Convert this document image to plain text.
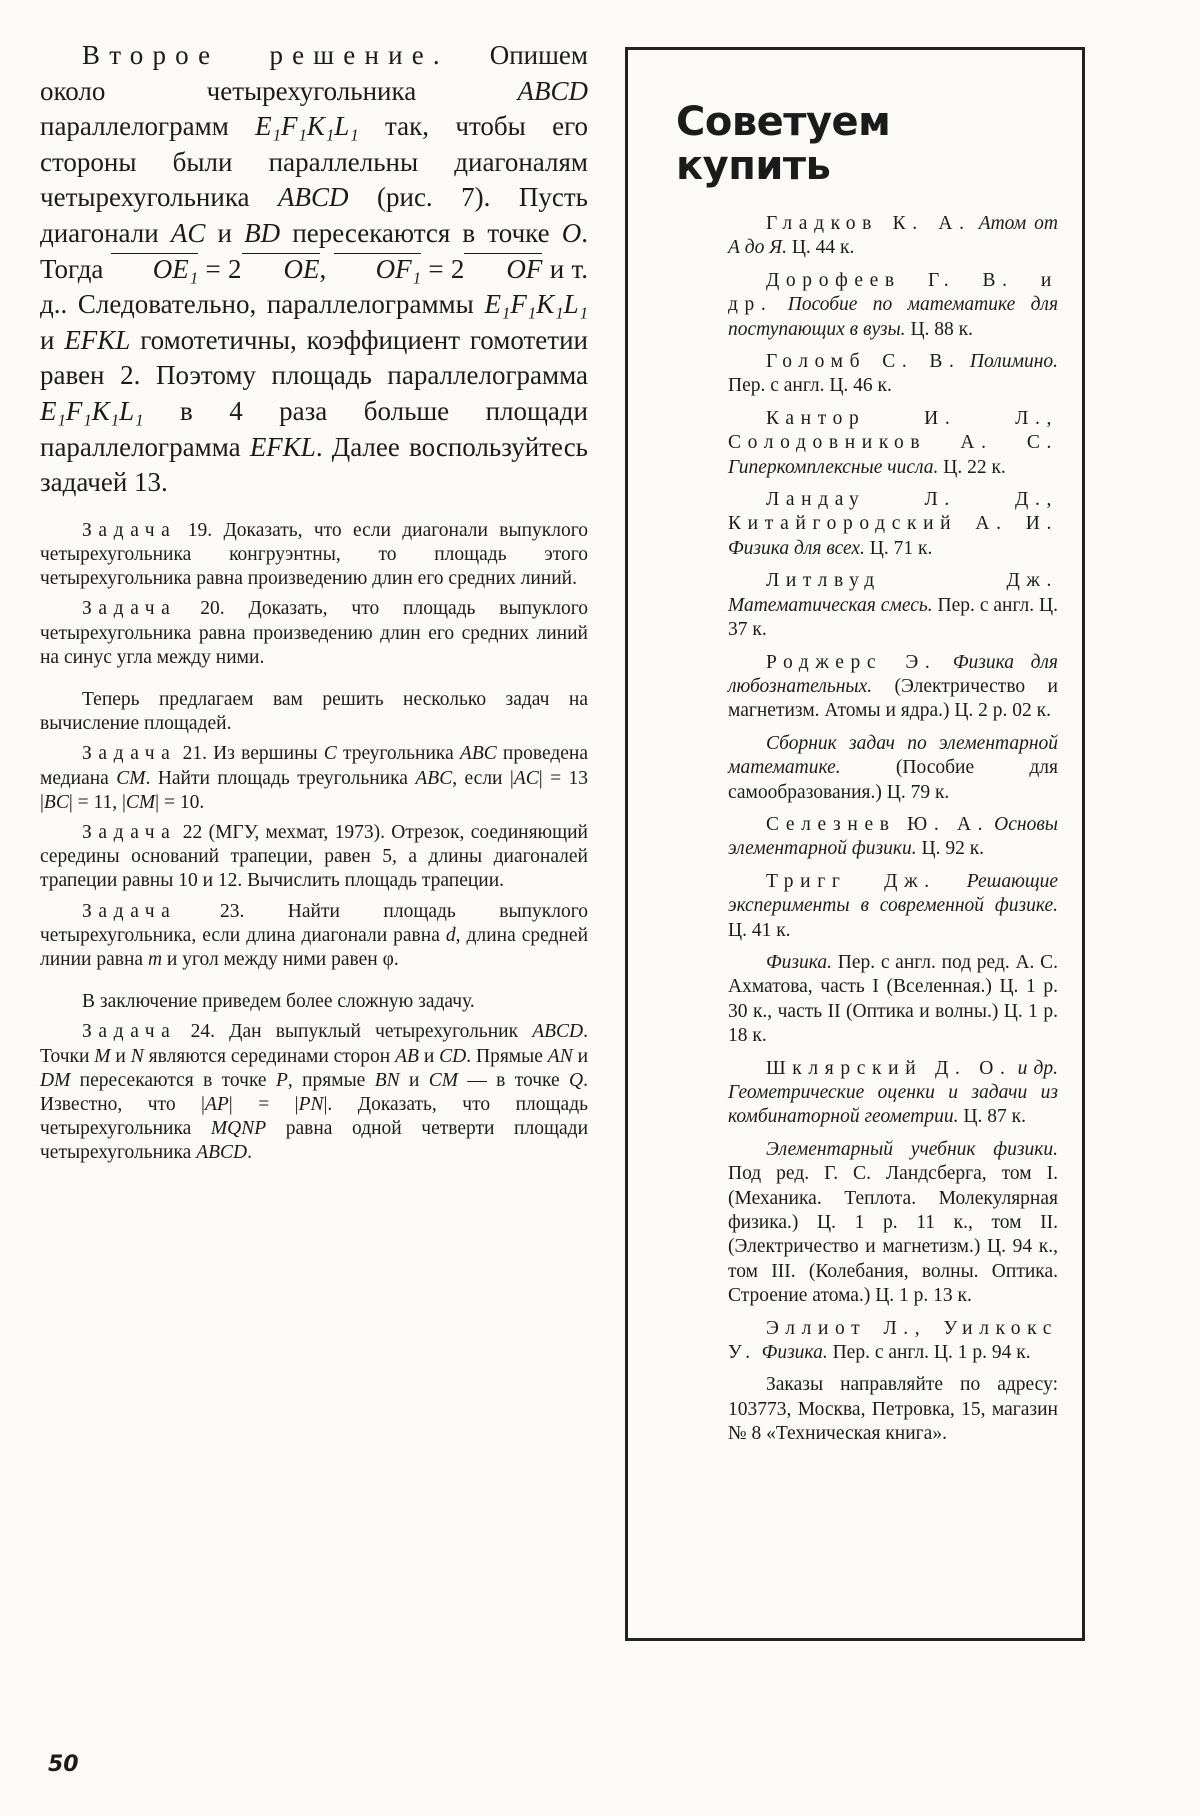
Второе решение. Опишем около четырехугольника ABCD параллелограмм E₁F₁K₁L₁ так, чтобы его стороны были параллельны диагоналям четырехугольника ABCD (рис. 7). Пусть диагонали AC и BD пересекаются в точке O. Тогда OE₁ = 2 OE, OF₁ = 2 OF и т. д.. Следовательно, параллелограммы E₁F₁K₁L₁ и EFKL гомотетичны, коэффициент гомотетии равен 2. Поэтому площадь параллелограмма E₁F₁K₁L₁ в 4 раза больше площади параллелограмма EFKL. Далее воспользуйтесь задачей 13.

Задача 19. Доказать, что если диагонали выпуклого четырехугольника конгруэнтны, то площадь этого четырехугольника равна произведению длин его средних линий.

Задача 20. Доказать, что площадь выпуклого четырехугольника равна произведению длин его средних линий на синус угла между ними.

Теперь предлагаем вам решить несколько задач на вычисление площадей.

Задача 21. Из вершины C треугольника ABC проведена медиана CM. Найти площадь треугольника ABC, если |AC| = 13 |BC| = 11, |CM| = 10.

Задача 22 (МГУ, мехмат, 1973). Отрезок, соединяющий середины оснований трапеции, равен 5, а длины диагоналей трапеции равны 10 и 12. Вычислить площадь трапеции.

Задача 23. Найти площадь выпуклого четырехугольника, если длина диагонали равна d, длина средней линии равна m и угол между ними равен φ.

В заключение приведем более сложную задачу.

Задача 24. Дан выпуклый четырехугольник ABCD. Точки M и N являются серединами сторон AB и CD. Прямые AN и DM пересекаются в точке P, прямые BN и CM — в точке Q. Известно, что |AP| = |PN|. Доказать, что площадь четырехугольника MQNP равна одной четверти площади четырехугольника ABCD.

Советуем купить

Гладков К. А. Атом от А до Я. Ц. 44 к.

Дорофеев Г. В. и др. Пособие по математике для поступающих в вузы. Ц. 88 к.

Голомб С. В. Полимино. Пер. с англ. Ц. 46 к.

Кантор И. Л., Солодовников А. С. Гиперкомплексные числа. Ц. 22 к.

Ландау Л. Д., Китайгородский А. И. Физика для всех. Ц. 71 к.

Литлвуд Дж. Математическая смесь. Пер. с англ. Ц. 37 к.

Роджерс Э. Физика для любознательных. (Электричество и магнетизм. Атомы и ядра.) Ц. 2 р. 02 к.

Сборник задач по элементарной математике. (Пособие для самообразования.) Ц. 79 к.

Селезнев Ю. А. Основы элементарной физики. Ц. 92 к.

Тригг Дж. Решающие эксперименты в современной физике. Ц. 41 к.

Физика. Пер. с англ. под ред. А. С. Ахматова, часть I (Вселенная.) Ц. 1 р. 30 к., часть II (Оптика и волны.) Ц. 1 р. 18 к.

Шклярский Д. О. и др. Геометрические оценки и задачи из комбинаторной геометрии. Ц. 87 к.

Элементарный учебник физики. Под ред. Г. С. Ландсберга, том I. (Механика. Теплота. Молекулярная физика.) Ц. 1 р. 11 к., том II. (Электричество и магнетизм.) Ц. 94 к., том III. (Колебания, волны. Оптика. Строение атома.) Ц. 1 р. 13 к.

Эллиот Л., Уилкокс У. Физика. Пер. с англ. Ц. 1 р. 94 к.

Заказы направляйте по адресу: 103773, Москва, Петровка, 15, магазин № 8 «Техническая книга».

50
